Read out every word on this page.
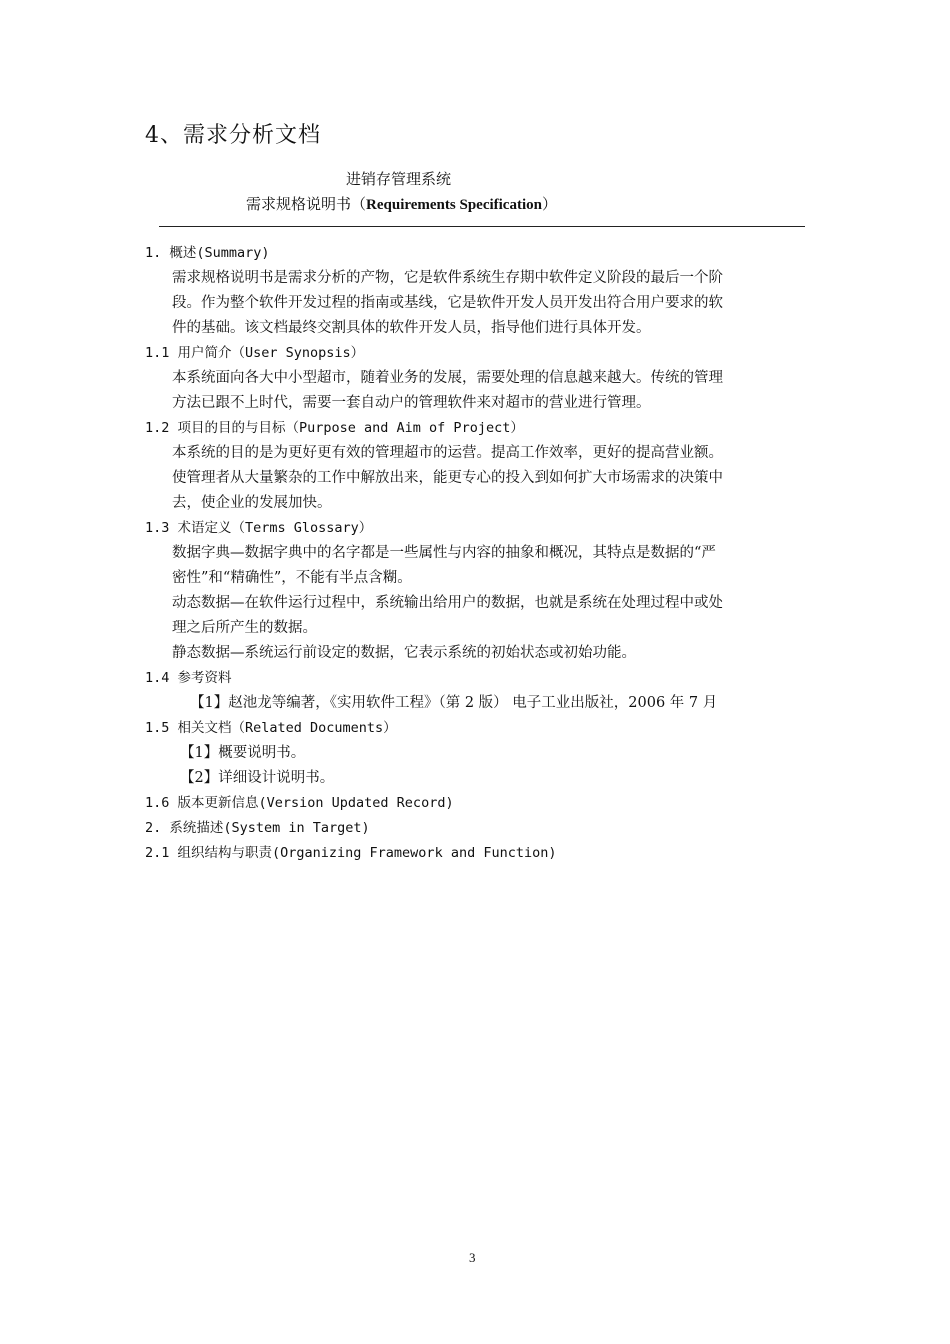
4、需求分析文档
进销存管理系统
需求规格说明书（Requirements Specification）
1. 概述(Summary)
需求规格说明书是需求分析的产物，它是软件系统生存期中软件定义阶段的最后一个阶
段。作为整个软件开发过程的指南或基线，它是软件开发人员开发出符合用户要求的软
件的基础。该文档最终交割具体的软件开发人员，指导他们进行具体开发。
1.1 用户简介（User Synopsis）
本系统面向各大中小型超市，随着业务的发展，需要处理的信息越来越大。传统的管理
方法已跟不上时代，需要一套自动户的管理软件来对超市的营业进行管理。
1.2 项目的目的与目标（Purpose and Aim of Project）
本系统的目的是为更好更有效的管理超市的运营。提高工作效率，更好的提高营业额。
使管理者从大量繁杂的工作中解放出来，能更专心的投入到如何扩大市场需求的决策中
去，使企业的发展加快。
1.3 术语定义（Terms Glossary）
数据字典—数据字典中的名字都是一些属性与内容的抽象和概况，其特点是数据的“严
密性”和“精确性”，不能有半点含糊。
动态数据—在软件运行过程中，系统输出给用户的数据，也就是系统在处理过程中或处
理之后所产生的数据。
静态数据—系统运行前设定的数据，它表示系统的初始状态或初始功能。
1.4 参考资料
【1】赵池龙等编著，《实用软件工程》（第 2 版） 电子工业出版社，2006 年 7 月
1.5 相关文档（Related Documents）
【1】概要说明书。
【2】详细设计说明书。
1.6 版本更新信息(Version Updated Record)
2. 系统描述(System in Target)
2.1 组织结构与职责(Organizing Framework and Function)
3
